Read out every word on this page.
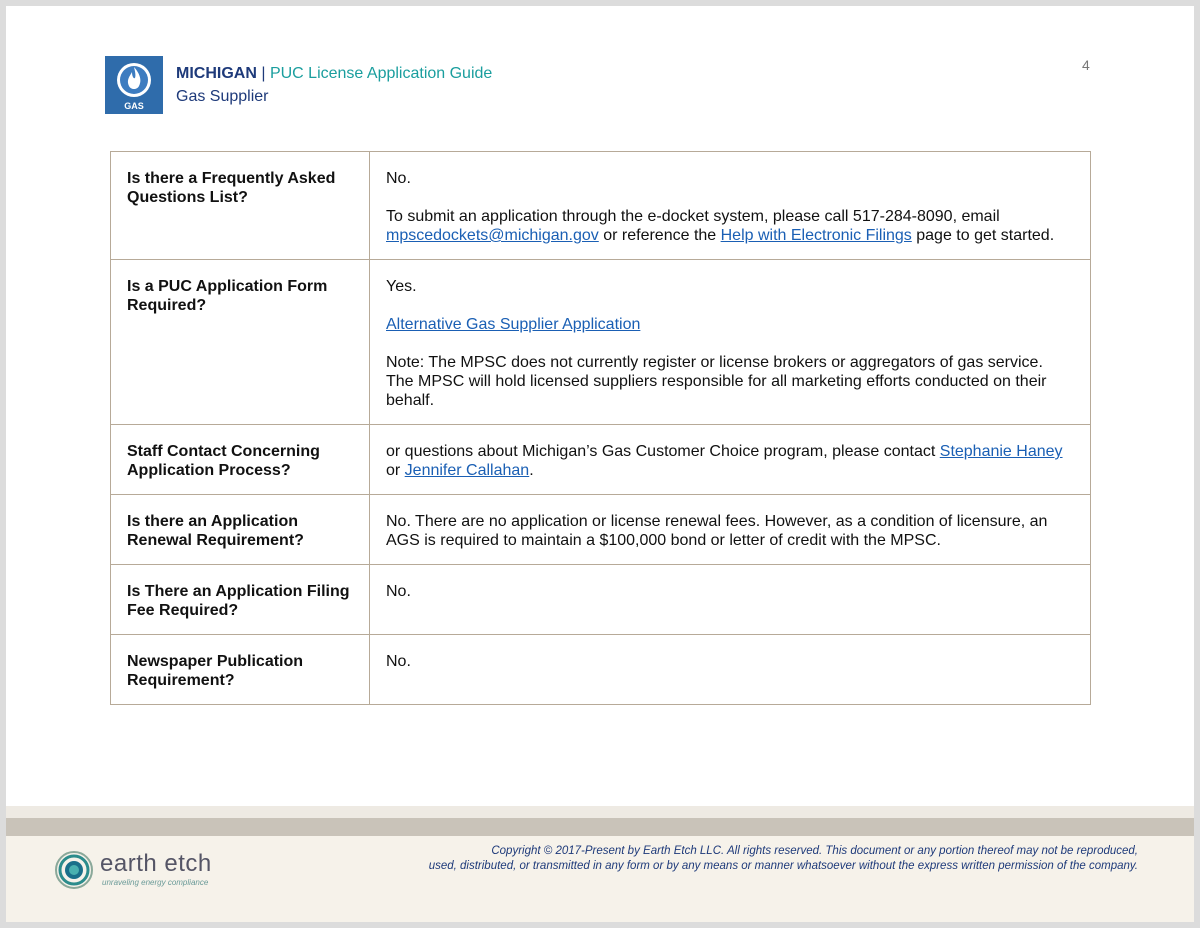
GAS
MICHIGAN | PUC License Application Guide
Gas Supplier
4
Is there a Frequently Asked Questions List?	No.

To submit an application through the e-docket system, please call 517-284-8090, email mpscedockets@michigan.gov or reference the Help with Electronic Filings page to get started.

Is a PUC Application Form Required?	Yes.

Alternative Gas Supplier Application

Note: The MPSC does not currently register or license brokers or aggregators of gas service. The MPSC will hold licensed suppliers responsible for all marketing efforts conducted on their behalf.

Staff Contact Concerning Application Process?	or questions about Michigan’s Gas Customer Choice program, please contact Stephanie Haney or Jennifer Callahan.

Is there an Application Renewal Requirement?	No. There are no application or license renewal fees. However, as a condition of licensure, an AGS is required to maintain a $100,000 bond or letter of credit with the MPSC.
Is There an Application Filing Fee Required?	No.
Newspaper Publication Requirement?	No.
earth etch
unraveling energy compliance
Copyright © 2017-Present by Earth Etch LLC. All rights reserved. This document or any portion thereof may not be reproduced,
used, distributed, or transmitted in any form or by any means or manner whatsoever without the express written permission of the company.
